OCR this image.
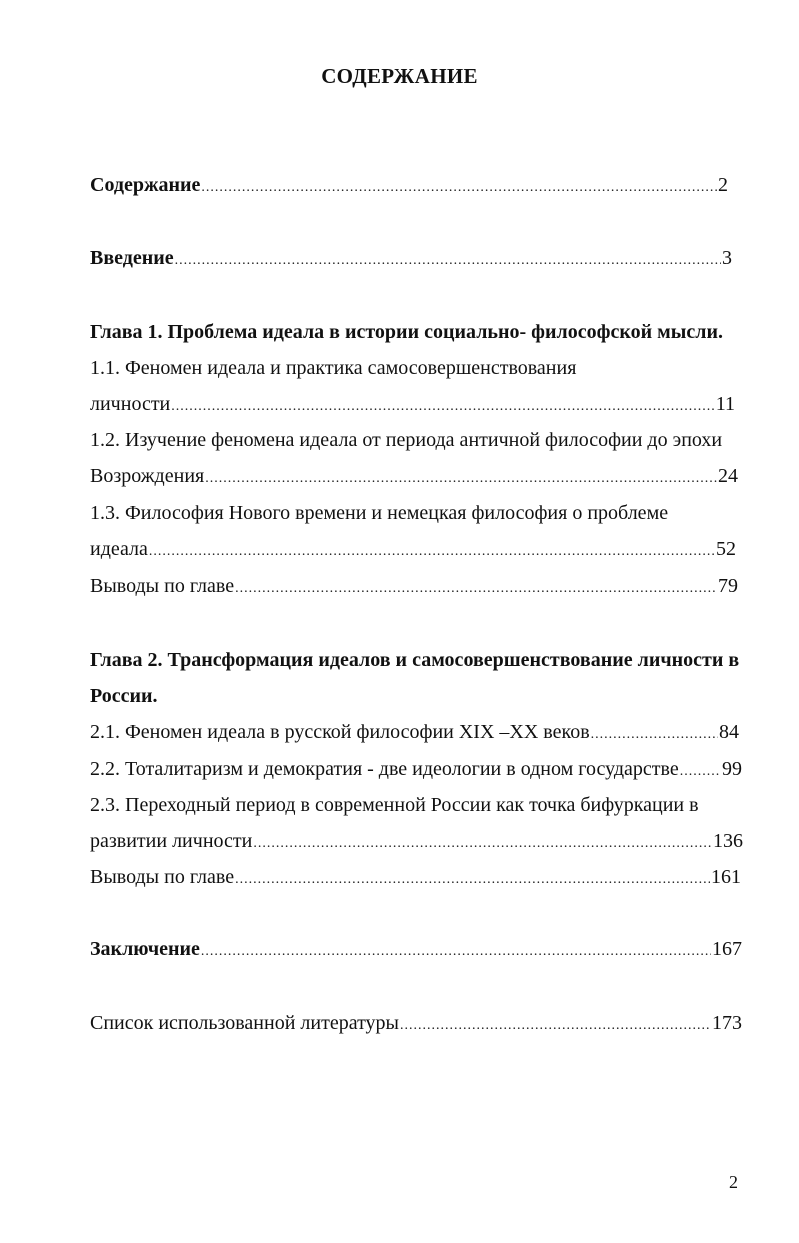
СОДЕРЖАНИЕ
Содержание .....	2
Введение .....	3
Глава 1. Проблема идеала в истории социально- философской мысли.
1.1. Феномен идеала и практика самосовершенствования
личности .....	11
1.2. Изучение феномена идеала от периода античной философии до эпохи
Возрождения .....	24
1.3. Философия Нового времени и немецкая философия о проблеме
идеала .....	52
Выводы по главе .....	79
Глава 2. Трансформация идеалов и самосовершенствование личности в
России.
2.1. Феномен идеала в русской философии XIX –XX веков .....	84
2.2. Тоталитаризм и демократия - две идеологии в одном государстве ..... 99
2.3. Переходный период в современной России как точка бифуркации в
развитии личности .....	136
Выводы по главе .....	161
Заключение .....	167
Список использованной литературы .....	173
2
